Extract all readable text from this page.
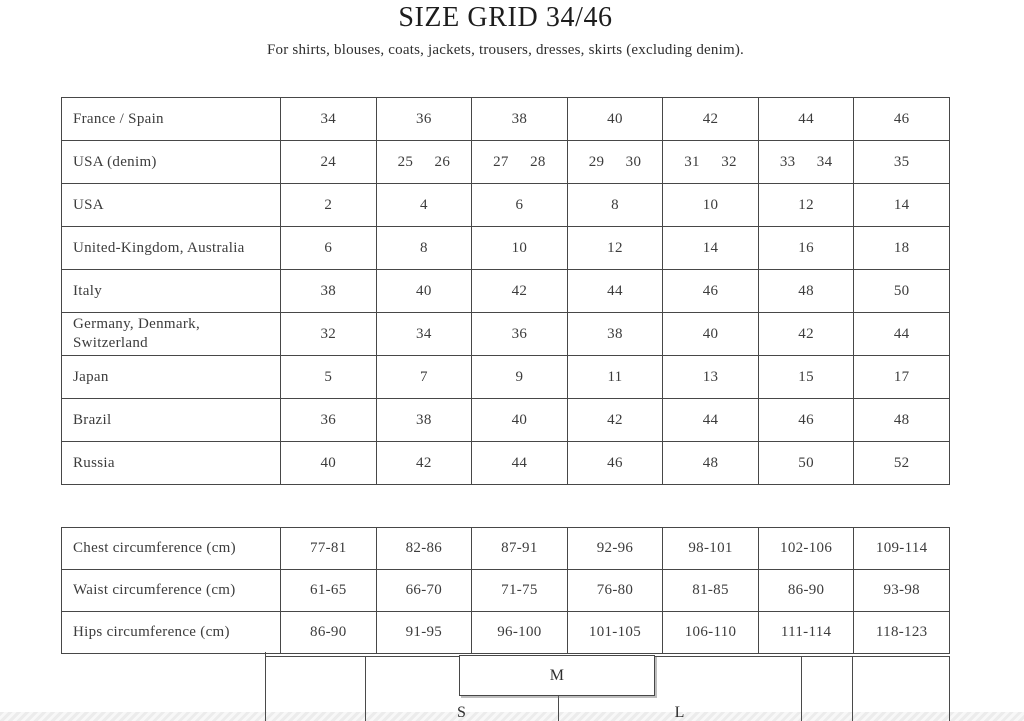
SIZE GRID 34/46
For shirts, blouses, coats, jackets, trousers, dresses, skirts (excluding denim).
France / Spain	34	36	38	40	42	44	46
USA (denim)	24	25 26	27 28	29 30	31 32	33 34	35
USA	2	4	6	8	10	12	14
United-Kingdom, Australia	6	8	10	12	14	16	18
Italy	38	40	42	44	46	48	50
Germany, Denmark, Switzerland	32	34	36	38	40	42	44
Japan	5	7	9	11	13	15	17
Brazil	36	38	40	42	44	46	48
Russia	40	42	44	46	48	50	52
Chest circumference (cm)	77-81	82-86	87-91	92-96	98-101	102-106	109-114
Waist circumference (cm)	61-65	66-70	71-75	76-80	81-85	86-90	93-98
Hips circumference (cm)	86-90	91-95	96-100	101-105	106-110	111-114	118-123
M
S	L
